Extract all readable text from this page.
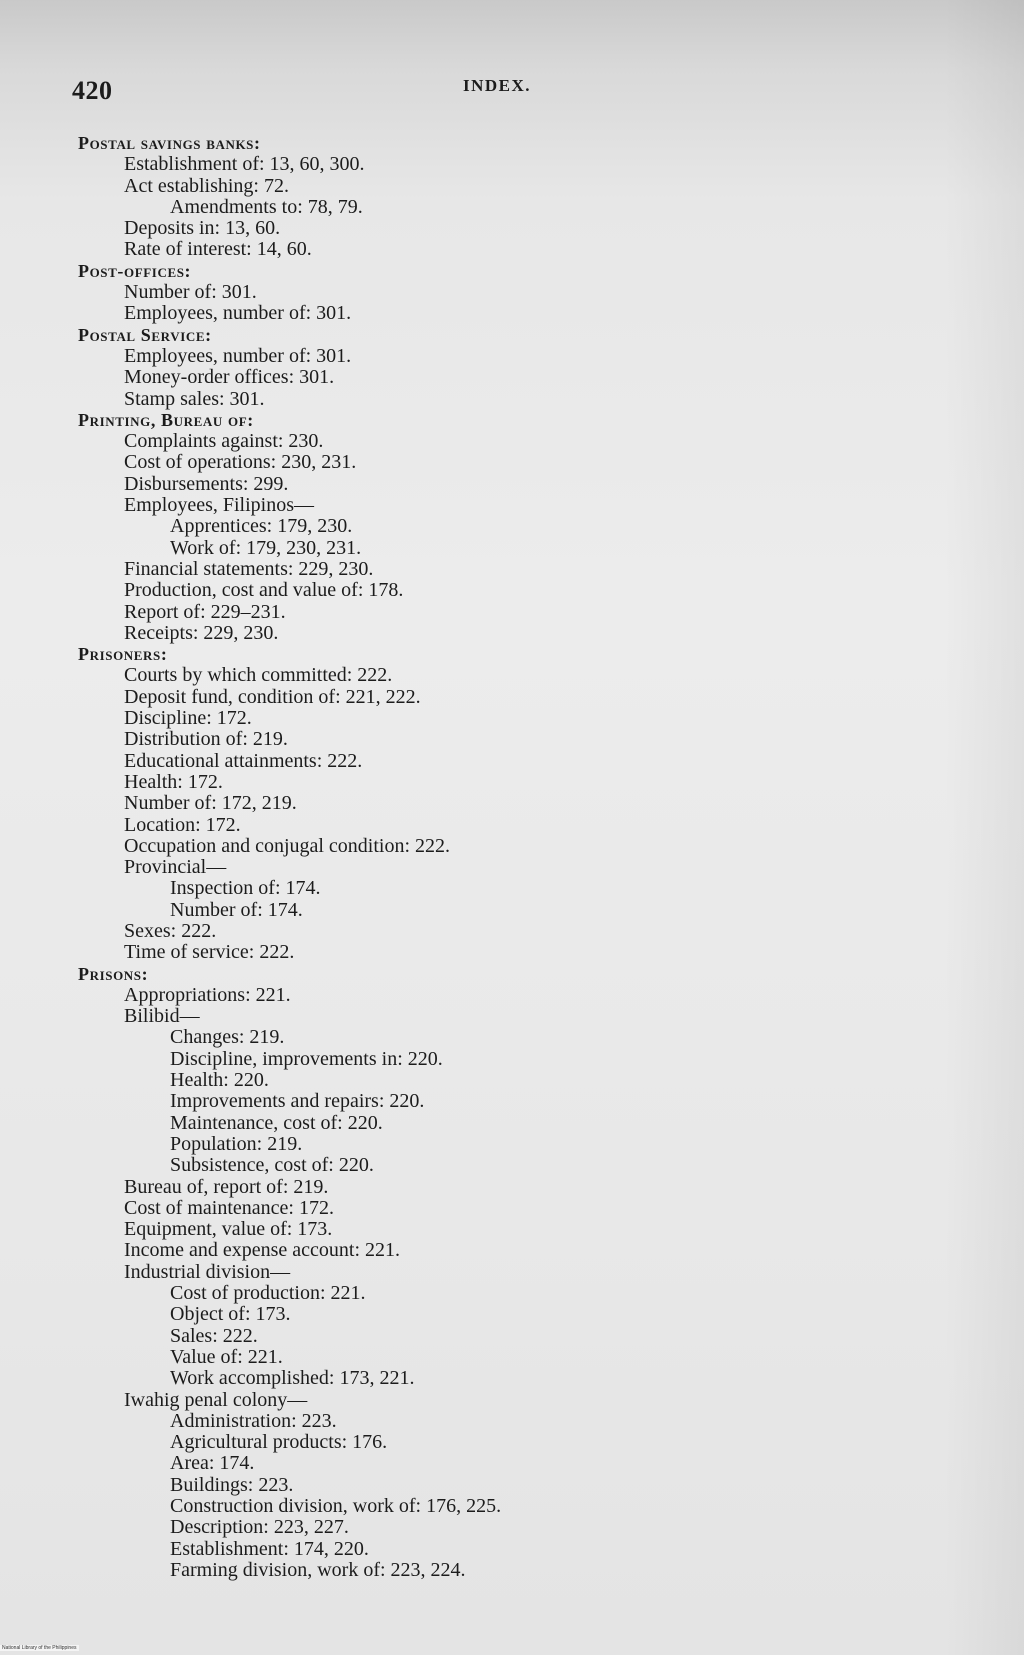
420	INDEX.
Postal savings banks:
Establishment of: 13, 60, 300.
Act establishing: 72.
Amendments to: 78, 79.
Deposits in: 13, 60.
Rate of interest: 14, 60.
Post-offices:
Number of: 301.
Employees, number of: 301.
Postal Service:
Employees, number of: 301.
Money-order offices: 301.
Stamp sales: 301.
Printing, Bureau of:
Complaints against: 230.
Cost of operations: 230, 231.
Disbursements: 299.
Employees, Filipinos—
Apprentices: 179, 230.
Work of: 179, 230, 231.
Financial statements: 229, 230.
Production, cost and value of: 178.
Report of: 229–231.
Receipts: 229, 230.
Prisoners:
Courts by which committed: 222.
Deposit fund, condition of: 221, 222.
Discipline: 172.
Distribution of: 219.
Educational attainments: 222.
Health: 172.
Number of: 172, 219.
Location: 172.
Occupation and conjugal condition: 222.
Provincial—
Inspection of: 174.
Number of: 174.
Sexes: 222.
Time of service: 222.
Prisons:
Appropriations: 221.
Bilibid—
Changes: 219.
Discipline, improvements in: 220.
Health: 220.
Improvements and repairs: 220.
Maintenance, cost of: 220.
Population: 219.
Subsistence, cost of: 220.
Bureau of, report of: 219.
Cost of maintenance: 172.
Equipment, value of: 173.
Income and expense account: 221.
Industrial division—
Cost of production: 221.
Object of: 173.
Sales: 222.
Value of: 221.
Work accomplished: 173, 221.
Iwahig penal colony—
Administration: 223.
Agricultural products: 176.
Area: 174.
Buildings: 223.
Construction division, work of: 176, 225.
Description: 223, 227.
Establishment: 174, 220.
Farming division, work of: 223, 224.
National Library of the Philippines
